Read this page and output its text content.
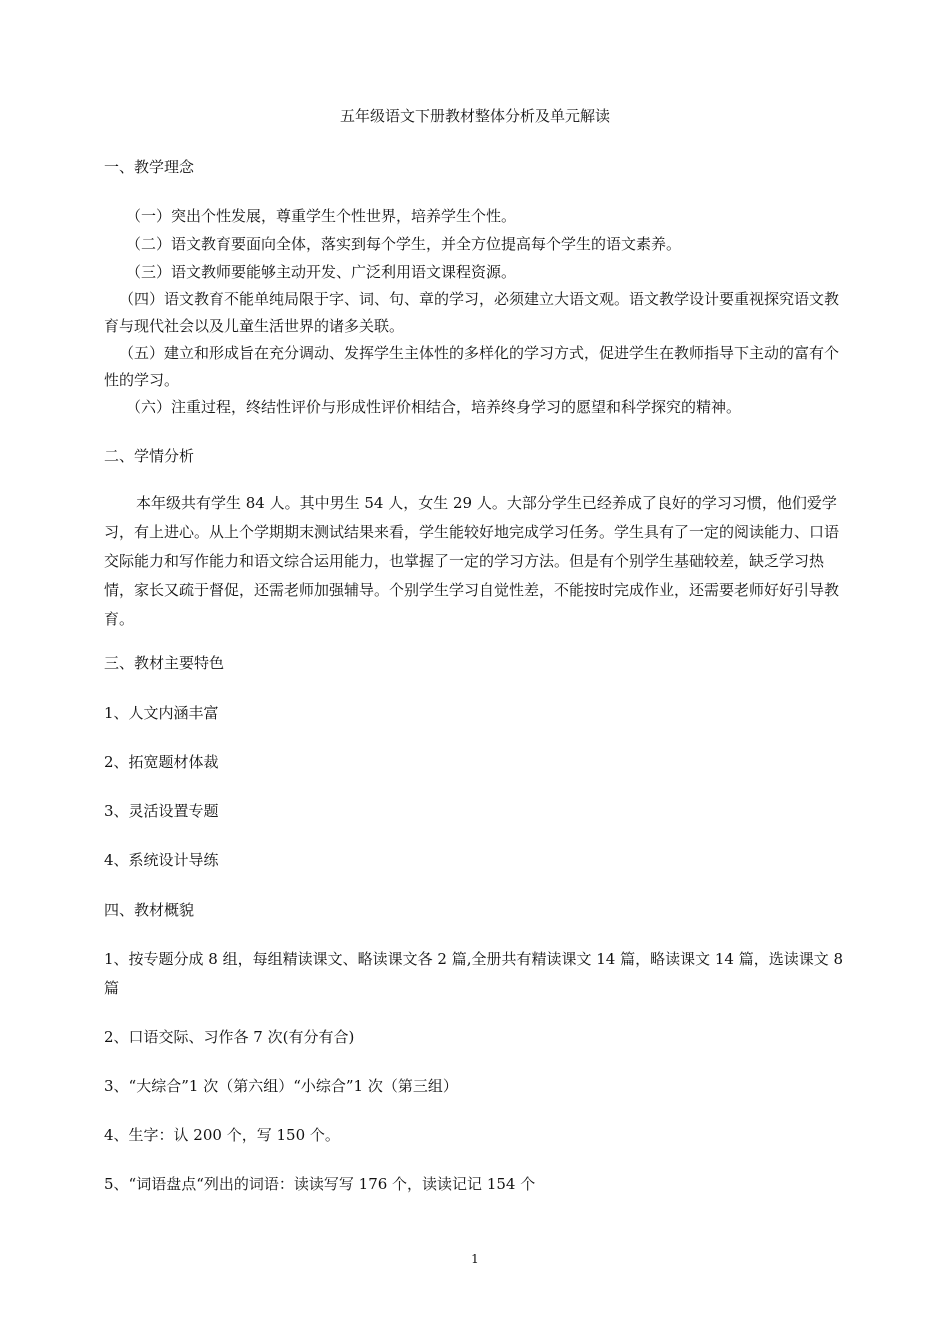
五年级语文下册教材整体分析及单元解读
一、教学理念
（一）突出个性发展，尊重学生个性世界，培养学生个性。
（二）语文教育要面向全体，落实到每个学生，并全方位提高每个学生的语文素养。
（三）语文教师要能够主动开发、广泛利用语文课程资源。
（四）语文教育不能单纯局限于字、词、句、章的学习，必须建立大语文观。语文教学设计要重视探究语文教育与现代社会以及儿童生活世界的诸多关联。
（五）建立和形成旨在充分调动、发挥学生主体性的多样化的学习方式，促进学生在教师指导下主动的富有个性的学习。
（六）注重过程，终结性评价与形成性评价相结合，培养终身学习的愿望和科学探究的精神。
二、学情分析
本年级共有学生 84 人。其中男生 54 人，女生 29 人。大部分学生已经养成了良好的学习习惯，他们爱学习，有上进心。从上个学期期末测试结果来看，学生能较好地完成学习任务。学生具有了一定的阅读能力、口语交际能力和写作能力和语文综合运用能力，也掌握了一定的学习方法。但是有个别学生基础较差，缺乏学习热情，家长又疏于督促，还需老师加强辅导。个别学生学习自觉性差，不能按时完成作业，还需要老师好好引导教育。
三、教材主要特色
1、人文内涵丰富
2、拓宽题材体裁
3、灵活设置专题
4、系统设计导练
四、教材概貌
1、按专题分成 8 组，每组精读课文、略读课文各 2 篇,全册共有精读课文 14 篇，略读课文 14 篇，选读课文 8 篇
2、口语交际、习作各 7 次(有分有合)
3、“大综合”1 次（第六组）“小综合”1 次（第三组）
4、生字：认 200 个，写 150 个。
5、“词语盘点“列出的词语：读读写写 176 个，读读记记 154 个
1
